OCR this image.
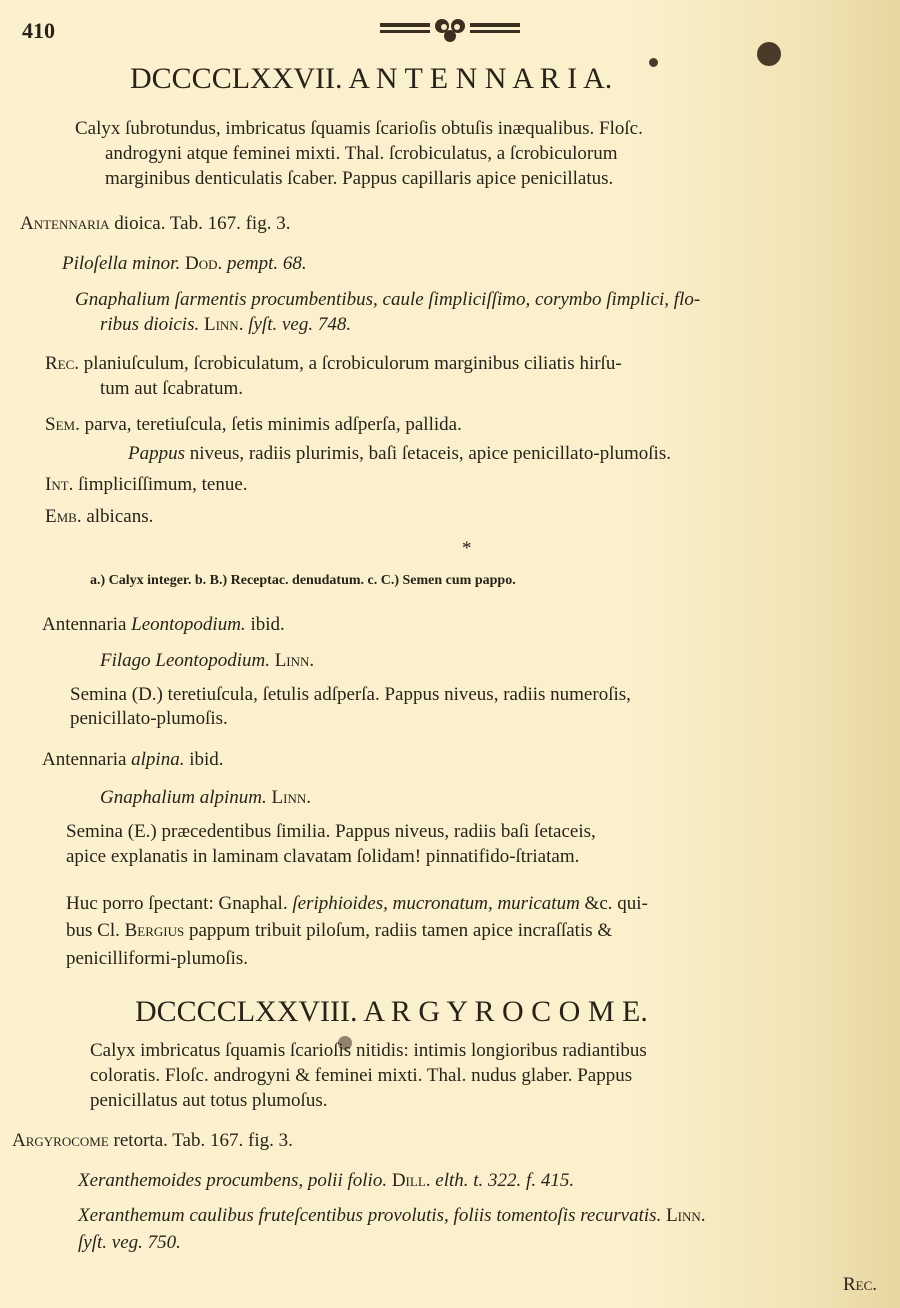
410
DCCCCLXXVII. A N T E N N A R I A.
Calyx ſubrotundus, imbricatus ſquamis ſcarioſis obtuſis inæqualibus. Floſc.
androgyni atque feminei mixti. Thal. ſcrobiculatus, a ſcrobiculorum
marginibus denticulatis ſcaber. Pappus capillaris apice penicillatus.
Antennaria dioica. Tab. 167. fig. 3.
Piloſella minor. Dod. pempt. 68.
Gnaphalium ſarmentis procumbentibus, caule ſimpliciſſimo, corymbo ſimplici, flo-
ribus dioicis. Linn. ſyſt. veg. 748.
Rec. planiuſculum, ſcrobiculatum, a ſcrobiculorum marginibus ciliatis hirſu-
tum aut ſcabratum.
Sem. parva, teretiuſcula, ſetis minimis adſperſa, pallida.
Pappus niveus, radiis plurimis, baſi ſetaceis, apice penicillato-plumoſis.
Int. ſimpliciſſimum, tenue.
Emb. albicans.
*
a.) Calyx integer. b. B.) Receptac. denudatum. c. C.) Semen cum pappo.
Antennaria Leontopodium. ibid.
Filago Leontopodium. Linn.
Semina (D.) teretiuſcula, ſetulis adſperſa. Pappus niveus, radiis numeroſis,
penicillato-plumoſis.
Antennaria alpina. ibid.
Gnaphalium alpinum. Linn.
Semina (E.) præcedentibus ſimilia. Pappus niveus, radiis baſi ſetaceis,
apice explanatis in laminam clavatam ſolidam! pinnatifido-ſtriatam.
Huc porro ſpectant: Gnaphal. ſeriphioides, mucronatum, muricatum &c. qui-
bus Cl. Bergius pappum tribuit piloſum, radiis tamen apice incraſſatis &
penicilliformi-plumoſis.
DCCCCLXXVIII. A R G Y R O C O M E.
Calyx imbricatus ſquamis ſcarioſis nitidis: intimis longioribus radiantibus
coloratis. Floſc. androgyni & feminei mixti. Thal. nudus glaber. Pappus
penicillatus aut totus plumoſus.
Argyrocome retorta. Tab. 167. fig. 3.
Xeranthemoides procumbens, polii folio. Dill. elth. t. 322. f. 415.
Xeranthemum caulibus fruteſcentibus provolutis, foliis tomentoſis recurvatis. Linn.
ſyſt. veg. 750.
Rec.
